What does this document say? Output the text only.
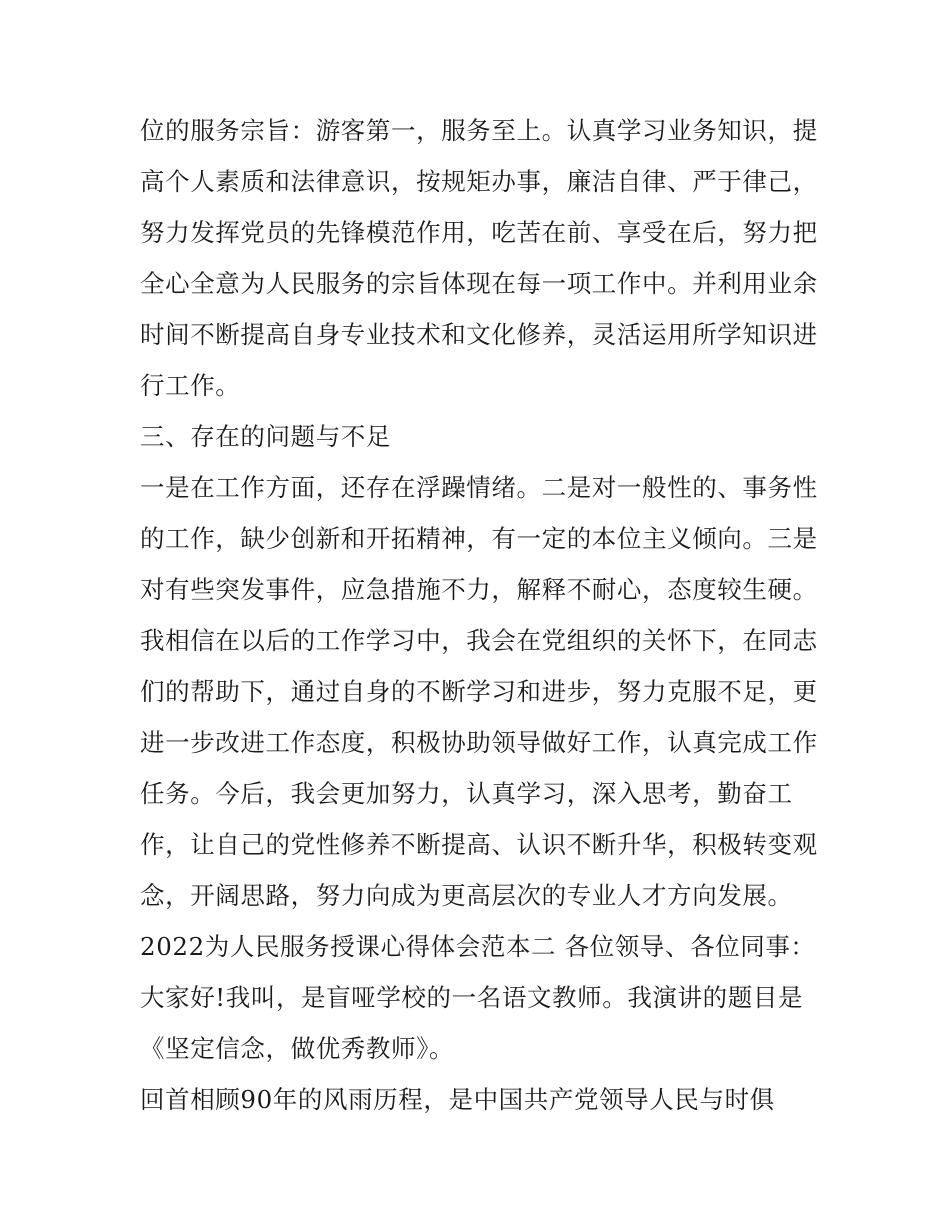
位的服务宗旨：游客第一，服务至上。认真学习业务知识，提
高个人素质和法律意识，按规矩办事，廉洁自律、严于律己，
努力发挥党员的先锋模范作用，吃苦在前、享受在后，努力把
全心全意为人民服务的宗旨体现在每一项工作中。并利用业余
时间不断提高自身专业技术和文化修养，灵活运用所学知识进
行工作。
三、存在的问题与不足
一是在工作方面，还存在浮躁情绪。二是对一般性的、事务性
的工作，缺少创新和开拓精神，有一定的本位主义倾向。三是
对有些突发事件，应急措施不力，解释不耐心，态度较生硬。
我相信在以后的工作学习中，我会在党组织的关怀下，在同志
们的帮助下，通过自身的不断学习和进步，努力克服不足，更
进一步改进工作态度，积极协助领导做好工作，认真完成工作
任务。今后，我会更加努力，认真学习，深入思考，勤奋工
作，让自己的党性修养不断提高、认识不断升华，积极转变观
念，开阔思路，努力向成为更高层次的专业人才方向发展。
2022为人民服务授课心得体会范本二 各位领导、各位同事：
大家好!我叫，是盲哑学校的一名语文教师。我演讲的题目是
《坚定信念，做优秀教师》。
回首相顾90年的风雨历程，是中国共产党领导人民与时俱
